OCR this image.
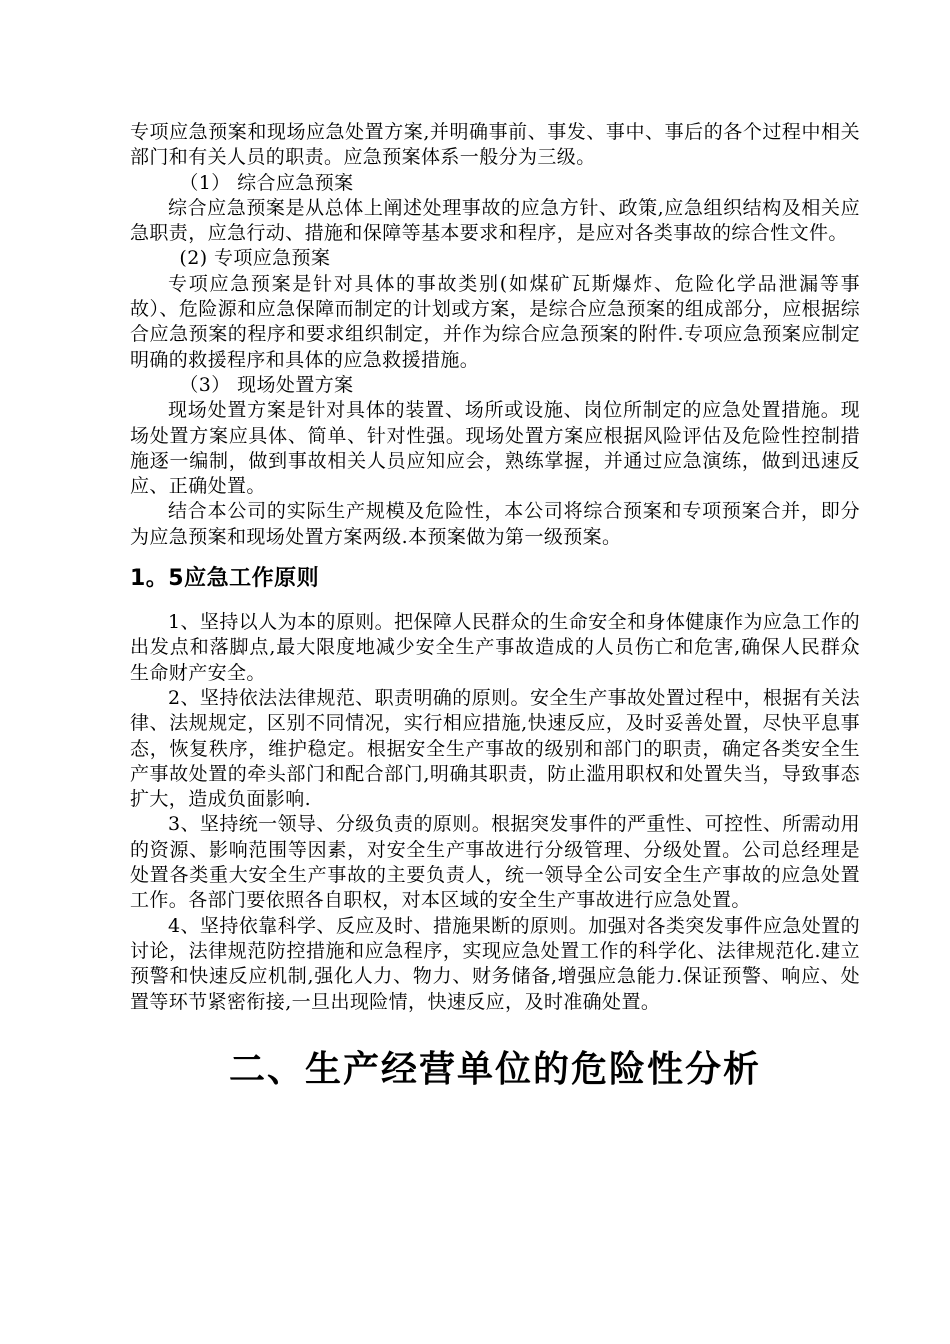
专项应急预案和现场应急处置方案,并明确事前、事发、事中、事后的各个过程中相关部门和有关人员的职责。应急预案体系一般分为三级。

（1） 综合应急预案

综合应急预案是从总体上阐述处理事故的应急方针、政策,应急组织结构及相关应急职责，应急行动、措施和保障等基本要求和程序，是应对各类事故的综合性文件。

(2) 专项应急预案

专项应急预案是针对具体的事故类别(如煤矿瓦斯爆炸、危险化学品泄漏等事故）、危险源和应急保障而制定的计划或方案，是综合应急预案的组成部分，应根据综合应急预案的程序和要求组织制定，并作为综合应急预案的附件.专项应急预案应制定明确的救援程序和具体的应急救援措施。

（3） 现场处置方案

现场处置方案是针对具体的装置、场所或设施、岗位所制定的应急处置措施。现场处置方案应具体、简单、针对性强。现场处置方案应根据风险评估及危险性控制措施逐一编制，做到事故相关人员应知应会，熟练掌握，并通过应急演练，做到迅速反应、正确处置。

结合本公司的实际生产规模及危险性，本公司将综合预案和专项预案合并，即分为应急预案和现场处置方案两级.本预案做为第一级预案。

1。5应急工作原则

1、坚持以人为本的原则。把保障人民群众的生命安全和身体健康作为应急工作的出发点和落脚点,最大限度地减少安全生产事故造成的人员伤亡和危害,确保人民群众生命财产安全。

2、坚持依法法律规范、职责明确的原则。安全生产事故处置过程中，根据有关法律、法规规定，区别不同情况，实行相应措施,快速反应，及时妥善处置，尽快平息事态，恢复秩序，维护稳定。根据安全生产事故的级别和部门的职责，确定各类安全生产事故处置的牵头部门和配合部门,明确其职责，防止滥用职权和处置失当，导致事态扩大，造成负面影响.

3、坚持统一领导、分级负责的原则。根据突发事件的严重性、可控性、所需动用的资源、影响范围等因素，对安全生产事故进行分级管理、分级处置。公司总经理是处置各类重大安全生产事故的主要负责人，统一领导全公司安全生产事故的应急处置工作。各部门要依照各自职权，对本区域的安全生产事故进行应急处置。

4、坚持依靠科学、反应及时、措施果断的原则。加强对各类突发事件应急处置的讨论，法律规范防控措施和应急程序，实现应急处置工作的科学化、法律规范化.建立预警和快速反应机制,强化人力、物力、财务储备,增强应急能力.保证预警、响应、处置等环节紧密衔接,一旦出现险情，快速反应，及时准确处置。

二、生产经营单位的危险性分析
